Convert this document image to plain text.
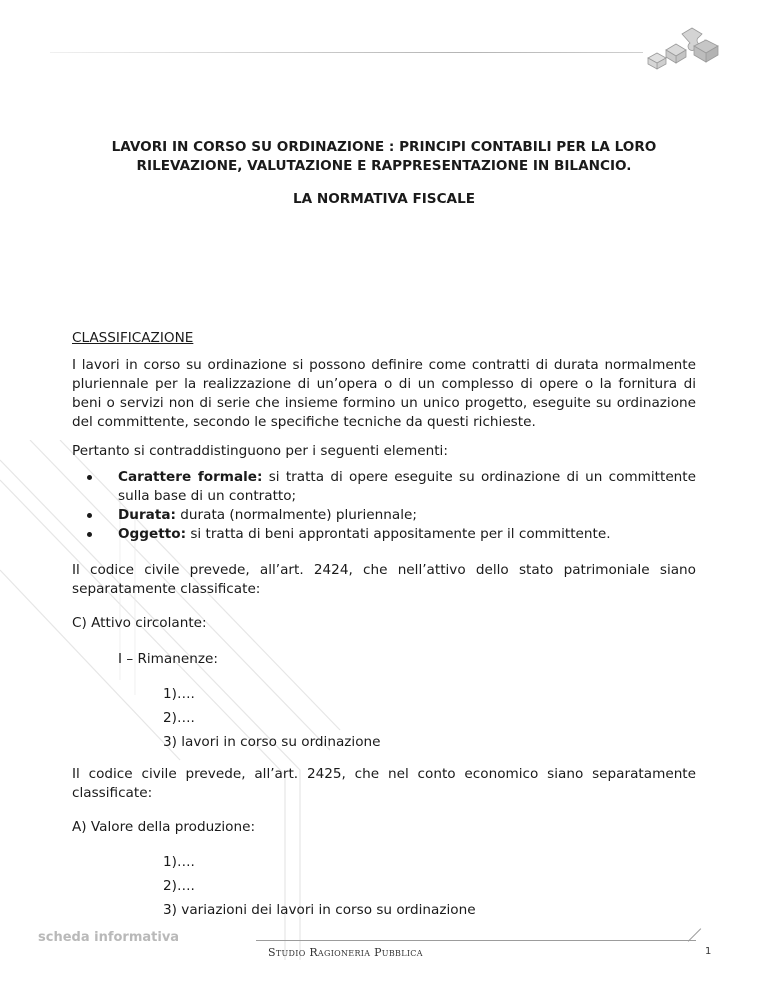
LAVORI IN CORSO SU ORDINAZIONE : PRINCIPI CONTABILI PER LA LORO
RILEVAZIONE, VALUTAZIONE E RAPPRESENTAZIONE IN BILANCIO.
LA NORMATIVA FISCALE
CLASSIFICAZIONE

I lavori in corso su ordinazione si possono definire come contratti di durata normalmente pluriennale per la realizzazione di un’opera o di un complesso di opere o la fornitura di beni o servizi non di serie che insieme formino un unico progetto, eseguite su ordinazione del committente, secondo le specifiche tecniche da questi richieste.

Pertanto si contraddistinguono per i seguenti elementi:

Carattere formale: si tratta di opere eseguite su ordinazione di un committente sulla base di un contratto;
Durata: durata (normalmente) pluriennale;
Oggetto: si tratta di beni approntati appositamente per il committente.

Il codice civile prevede, all’art. 2424, che nell’attivo dello stato patrimoniale siano separatamente classificate:

C) Attivo circolante:

I – Rimanenze:

1)….

2)….

3) lavori in corso su ordinazione

Il codice civile prevede, all’art. 2425, che nel conto economico siano separatamente classificate:

A) Valore della produzione:

1)….

2)….

3) variazioni dei lavori in corso su ordinazione

scheda informativa

Studio Ragioneria Pubblica	1
